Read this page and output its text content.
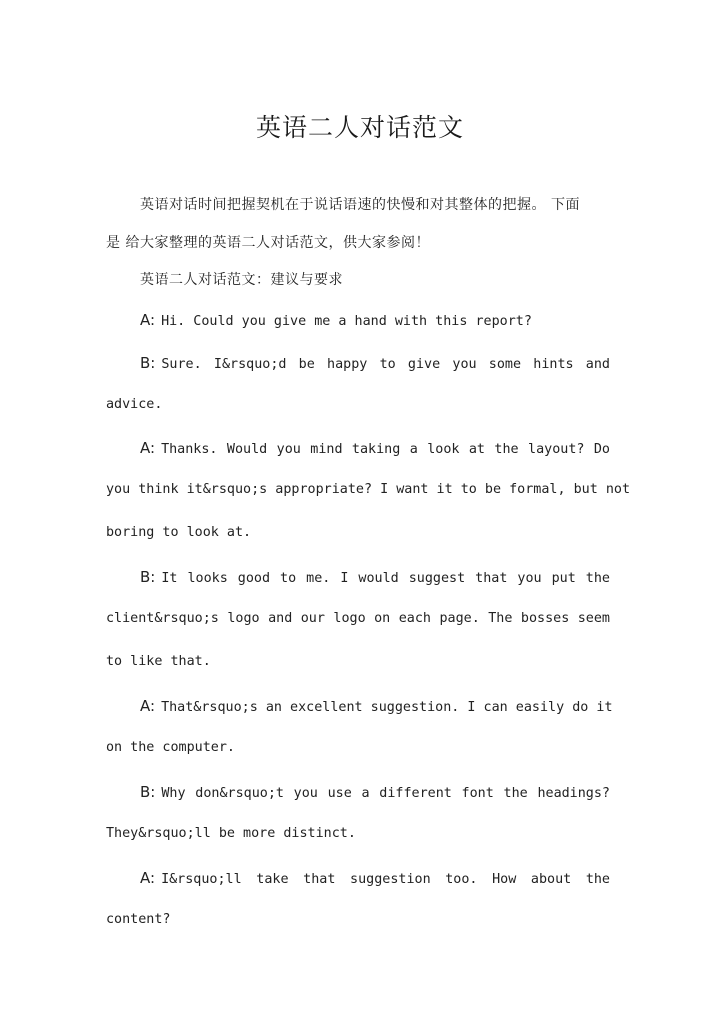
英语二人对话范文
英语对话时间把握契机在于说话语速的快慢和对其整体的把握。 下面
是 给大家整理的英语二人对话范文，供大家参阅！
英语二人对话范文：建议与要求
A: Hi. Could you give me a hand with this report?
B: Sure. I&rsquo;d be happy to give you some hints and
advice.
A: Thanks. Would you mind taking a look at the layout? Do
you think it&rsquo;s appropriate? I want it to be formal, but not
boring to look at.
B: It looks good to me. I would suggest that you put the
client&rsquo;s logo and our logo on each page. The bosses seem
to like that.
A: That&rsquo;s an excellent suggestion. I can easily do it
on the computer.
B: Why don&rsquo;t you use a different font the headings?
They&rsquo;ll be more distinct.
A: I&rsquo;ll take that suggestion too. How about the
content?
